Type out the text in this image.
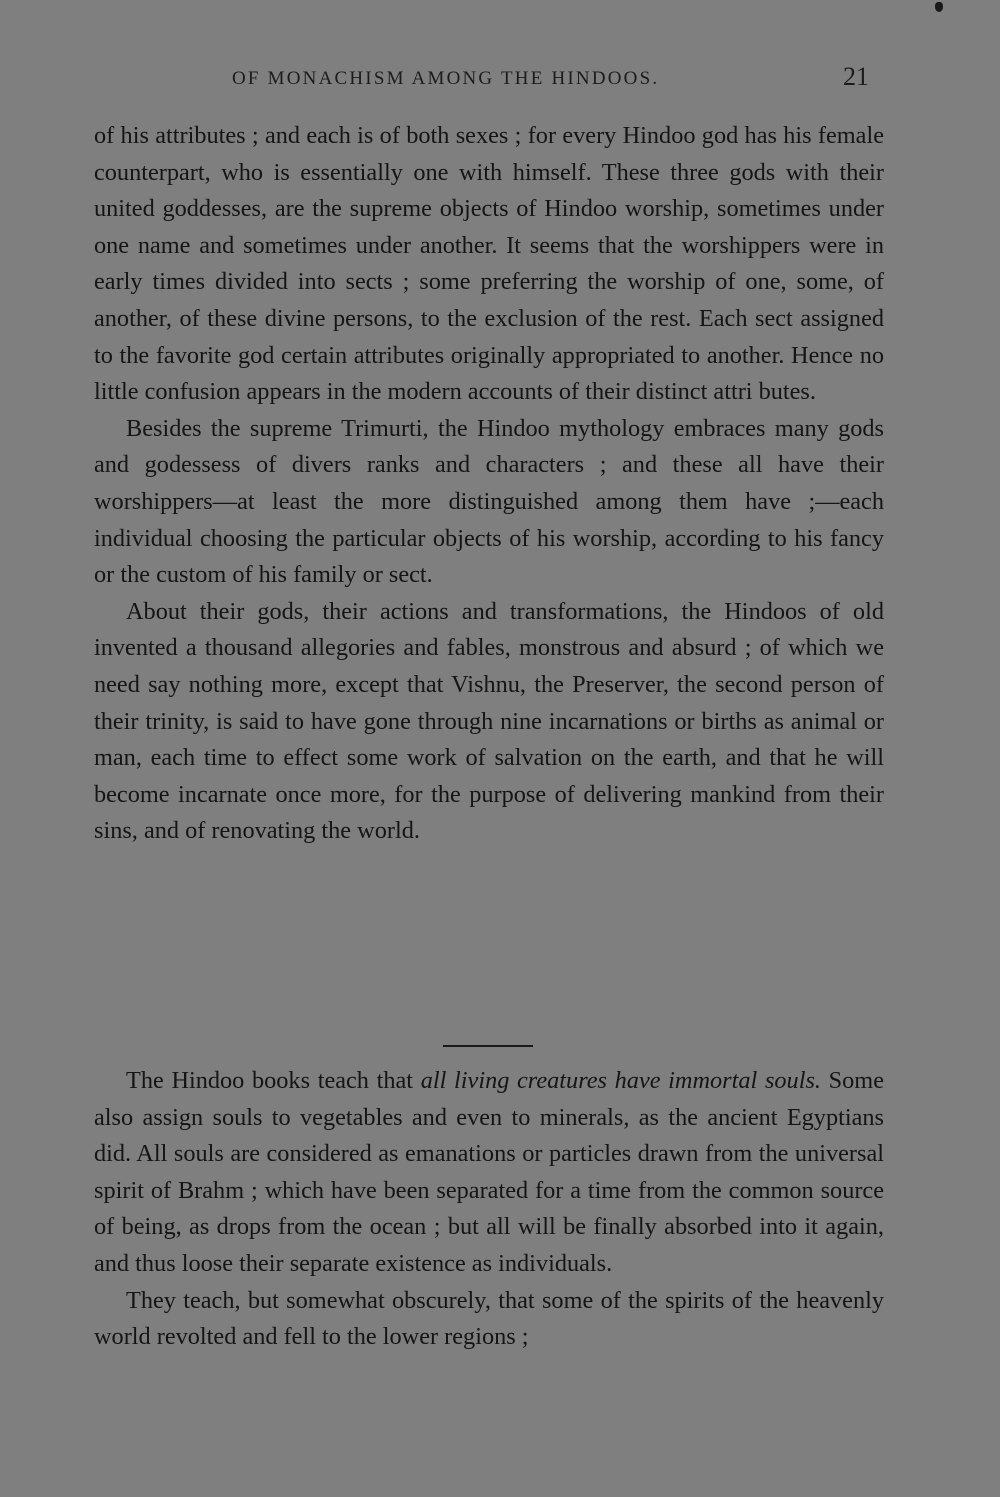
OF MONACHISM AMONG THE HINDOOS.	21

of his attributes ; and each is of both sexes ; for every Hindoo god has his female counterpart, who is essentially one with himself. These three gods with their united goddesses, are the supreme objects of Hindoo worship, sometimes under one name and sometimes under another. It seems that the worshippers were in early times divided into sects ; some preferring the worship of one, some, of another, of these divine persons, to the exclusion of the rest. Each sect assigned to the favorite god certain attributes originally appropriated to another. Hence no little confusion appears in the modern accounts of their distinct attri butes.

Besides the supreme Trimurti, the Hindoo mythology embraces many gods and godessess of divers ranks and characters ; and these all have their worshippers—at least the more distinguished among them have ;—each individual choosing the particular objects of his worship, according to his fancy or the custom of his family or sect.

About their gods, their actions and transformations, the Hindoos of old invented a thousand allegories and fables, monstrous and absurd ; of which we need say nothing more, except that Vishnu, the Preserver, the second person of their trinity, is said to have gone through nine incarnations or births as animal or man, each time to effect some work of salvation on the earth, and that he will become incarnate once more, for the purpose of delivering mankind from their sins, and of renovating the world.

The Hindoo books teach that all living creatures have immortal souls. Some also assign souls to vegetables and even to minerals, as the ancient Egyptians did. All souls are considered as emanations or particles drawn from the universal spirit of Brahm ; which have been separated for a time from the common source of being, as drops from the ocean ; but all will be finally absorbed into it again, and thus loose their separate existence as individuals.

They teach, but somewhat obscurely, that some of the spirits of the heavenly world revolted and fell to the lower regions ;
